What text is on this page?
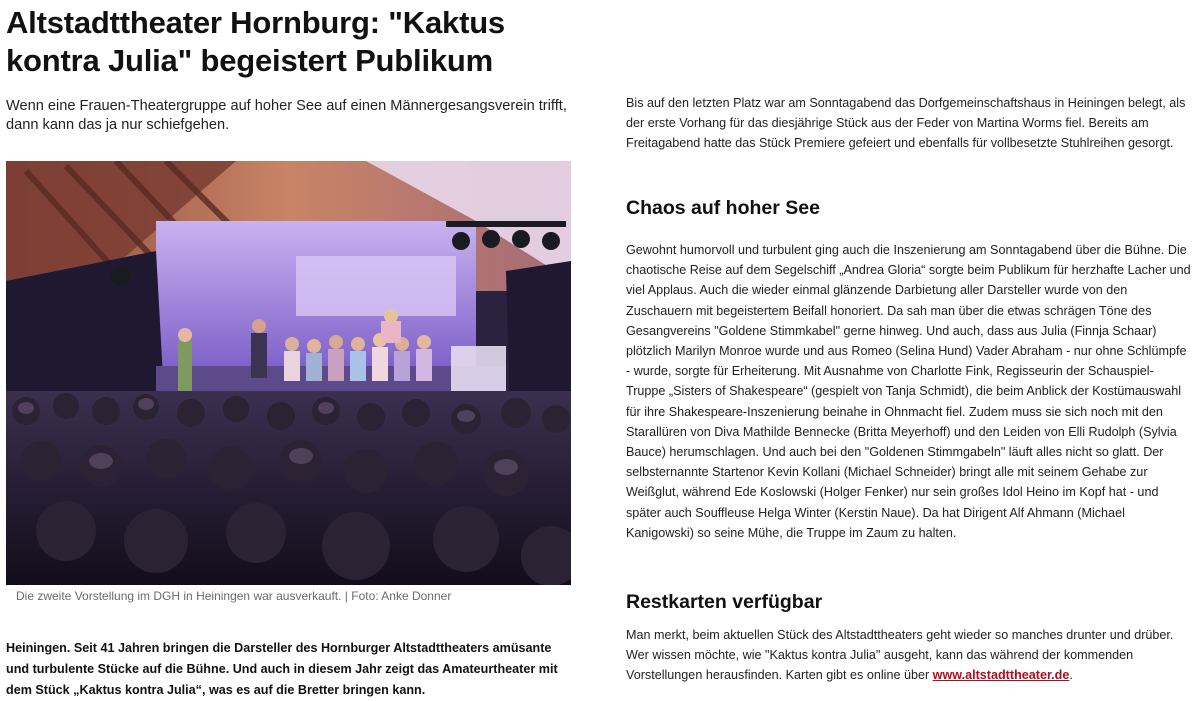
Altstadttheater Hornburg: "Kaktus kontra Julia" begeistert Publikum

Wenn eine Frauen-Theatergruppe auf hoher See auf einen Männergesangsverein trifft, dann kann das ja nur schiefgehen.

Die zweite Vorstellung im DGH in Heiningen war ausverkauft. | Foto: Anke Donner

Heiningen. Seit 41 Jahren bringen die Darsteller des Hornburger Altstadttheaters amüsante und turbulente Stücke auf die Bühne. Und auch in diesem Jahr zeigt das Amateurtheater mit dem Stück „Kaktus kontra Julia“, was es auf die Bretter bringen kann.

Bis auf den letzten Platz war am Sonntagabend das Dorfgemeinschaftshaus in Heiningen belegt, als der erste Vorhang für das diesjährige Stück aus der Feder von Martina Worms fiel. Bereits am Freitagabend hatte das Stück Premiere gefeiert und ebenfalls für vollbesetzte Stuhlreihen gesorgt.

Chaos auf hoher See

Gewohnt humorvoll und turbulent ging auch die Inszenierung am Sonntagabend über die Bühne. Die chaotische Reise auf dem Segelschiff „Andrea Gloria“ sorgte beim Publikum für herzhafte Lacher und viel Applaus. Auch die wieder einmal glänzende Darbietung aller Darsteller wurde von den Zuschauern mit begeistertem Beifall honoriert. Da sah man über die etwas schrägen Töne des Gesangvereins "Goldene Stimmkabel" gerne hinweg. Und auch, dass aus Julia (Finnja Schaar) plötzlich Marilyn Monroe wurde und aus Romeo (Selina Hund) Vader Abraham - nur ohne Schlümpfe - wurde, sorgte für Erheiterung. Mit Ausnahme von Charlotte Fink, Regisseurin der Schauspiel-Truppe „Sisters of Shakespeare“ (gespielt von Tanja Schmidt), die beim Anblick der Kostümauswahl für ihre Shakespeare-Inszenierung beinahe in Ohnmacht fiel. Zudem muss sie sich noch mit den Starallüren von Diva Mathilde Bennecke (Britta Meyerhoff) und den Leiden von Elli Rudolph (Sylvia Bauce) herumschlagen. Und auch bei den "Goldenen Stimmgabeln" läuft alles nicht so glatt. Der selbsternannte Startenor Kevin Kollani (Michael Schneider) bringt alle mit seinem Gehabe zur Weißglut, während Ede Koslowski (Holger Fenker) nur sein großes Idol Heino im Kopf hat - und später auch Souffleuse Helga Winter (Kerstin Naue). Da hat Dirigent Alf Ahmann (Michael Kanigowski) so seine Mühe, die Truppe im Zaum zu halten.

Restkarten verfügbar

Man merkt, beim aktuellen Stück des Altstadttheaters geht wieder so manches drunter und drüber. Wer wissen möchte, wie "Kaktus kontra Julia" ausgeht, kann das während der kommenden Vorstellungen herausfinden. Karten gibt es online über www.altstadttheater.de.
